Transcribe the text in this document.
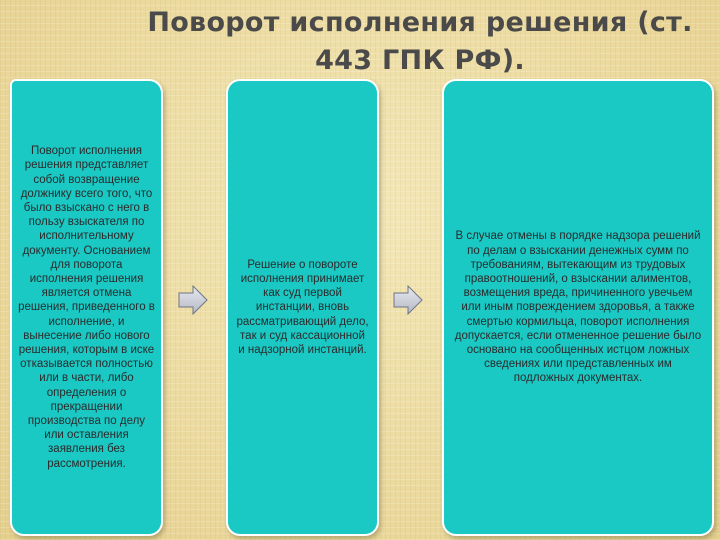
Поворот исполнения решения (ст. 443 ГПК РФ).
Поворот исполнения решения представляет собой возвращение должнику всего того, что было взыскано с него в пользу взыскателя по исполнительному документу. Основанием для поворота исполнения решения является отмена решения, приведенного в исполнение, и вынесение либо нового решения, которым в иске отказывается полностью или в части, либо определения о прекращении производства по делу или оставления заявления без рассмотрения.
Решение о повороте исполнения принимает как суд первой инстанции, вновь рассматривающий дело, так и суд кассационной и надзорной инстанций.
В случае отмены в порядке надзора решений по делам о взыскании денежных сумм по требованиям, вытекающим из трудовых правоотношений, о взыскании алиментов, возмещения вреда, причиненного увечьем или иным повреждением здоровья, а также смертью кормильца, поворот исполнения допускается, если отмененное решение было основано на сообщенных истцом ложных сведениях или представленных им подложных документах.
